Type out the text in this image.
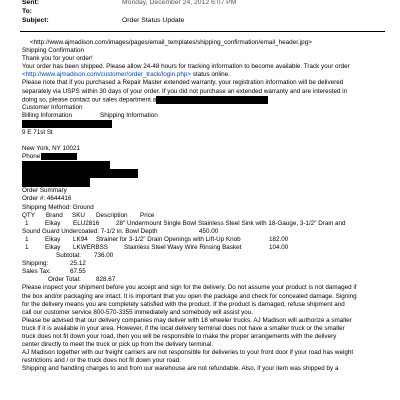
Sent:	Monday, December 24, 2012 6:07 PM
To:
Subject:	Order Status Update
<http://www.ajmadison.com/images/pages/email_templates/shipping_confirmation/email_header.jpg>
Shipping Confirmation
Thank you for your order!
Your order has been shipped. Please allow 24-48 hours for tracking information to become available. Track your order
<http://www.ajmadison.com/customer/order_track/login.php> status online.
Please note that if you purchased a Repair Master extended warranty, your registration information will be delivered
separately via USPS within 30 days of your order. If you did not purchase an extended warranty and are interested in
doing so, please contact our sales department a
Customer Information
Billing Information	Shipping Information
9 E 71st St
New York, NY 10021
Phone
Order Summary
Order #: 4644416
Shipping Method: Ground
QTY Brand SKU Description Price
1	Elkay ELU2816	28" Undermount Single Bowl Stainless Steel Sink with 18-Gauge, 3-1/2" Drain and
Sound Guard Undercoated: 7-1/2 in. Bowl Depth	450.00
1	Elkay LK94 Strainer for 3-1/2" Drain Openings with Lift-Up Knob	182.00
1	Elkay LKWERBSS	Stainless Steel Wavy Wire Rinsing Basket	104.00
Subtotal: 736.00
Shipping:	25.12
Sales Tax:	67.55
Order Total: 828.67
Please inspect your shipment before you accept and sign for the delivery. Do not assume your product is not damaged if
the box and/or packaging are intact. It is important that you open the package and check for concealed damage. Signing
for the delivery means you are completely satisfied with the product. If the product is damaged, refuse shipment and
call our customer service 800-570-3355 immediately and somebody will assist you.
Please be advised that our delivery companies may deliver with 18 wheeler trucks. AJ Madison will authorize a smaller
truck if it is available in your area. However, if the local delivery terminal does not have a smaller truck or the smaller
truck does not fit down your road, then you will be responsible to make the proper arrangements with the delivery
center directly to meet the truck or pick up from the delivery terminal.
AJ Madison together with our freight carriers are not responsible for deliveries to your front door if your road has weight
restrictions and / or the truck does not fit down your road.
Shipping and handling charges to and from our warehouse are not refundable. Also, if your item was shipped by a
